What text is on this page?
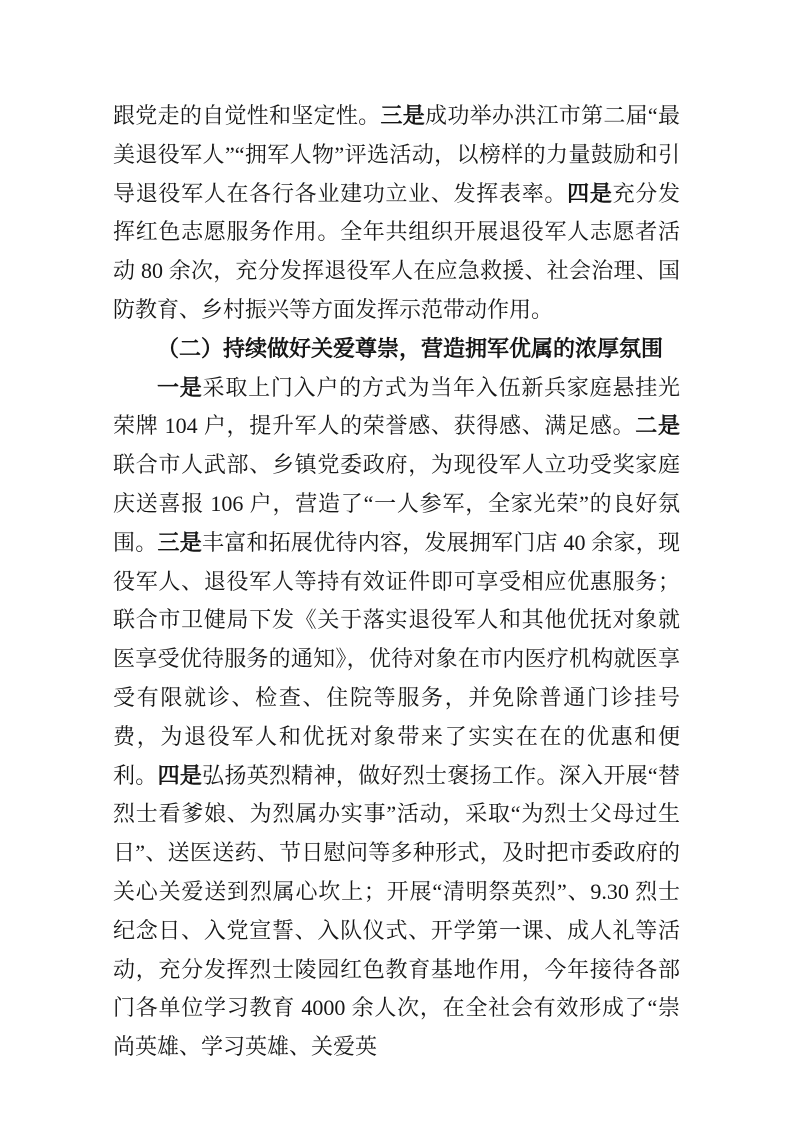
跟党走的自觉性和坚定性。三是成功举办洪江市第二届“最美退役军人”“拥军人物”评选活动，以榜样的力量鼓励和引导退役军人在各行各业建功立业、发挥表率。四是充分发挥红色志愿服务作用。全年共组织开展退役军人志愿者活动 80 余次，充分发挥退役军人在应急救援、社会治理、国防教育、乡村振兴等方面发挥示范带动作用。

（二）持续做好关爱尊崇，营造拥军优属的浓厚氛围

一是采取上门入户的方式为当年入伍新兵家庭悬挂光荣牌 104 户，提升军人的荣誉感、获得感、满足感。二是联合市人武部、乡镇党委政府，为现役军人立功受奖家庭庆送喜报 106 户，营造了“一人参军，全家光荣”的良好氛围。三是丰富和拓展优待内容，发展拥军门店 40 余家，现役军人、退役军人等持有效证件即可享受相应优惠服务；联合市卫健局下发《关于落实退役军人和其他优抚对象就医享受优待服务的通知》，优待对象在市内医疗机构就医享受有限就诊、检查、住院等服务，并免除普通门诊挂号费，为退役军人和优抚对象带来了实实在在的优惠和便利。四是弘扬英烈精神，做好烈士褒扬工作。深入开展“替烈士看爹娘、为烈属办实事”活动，采取“为烈士父母过生日”、送医送药、节日慰问等多种形式，及时把市委政府的关心关爱送到烈属心坎上；开展“清明祭英烈”、9.30 烈士纪念日、入党宣誓、入队仪式、开学第一课、成人礼等活动，充分发挥烈士陵园红色教育基地作用，今年接待各部门各单位学习教育 4000 余人次，在全社会有效形成了“崇尚英雄、学习英雄、关爱英
